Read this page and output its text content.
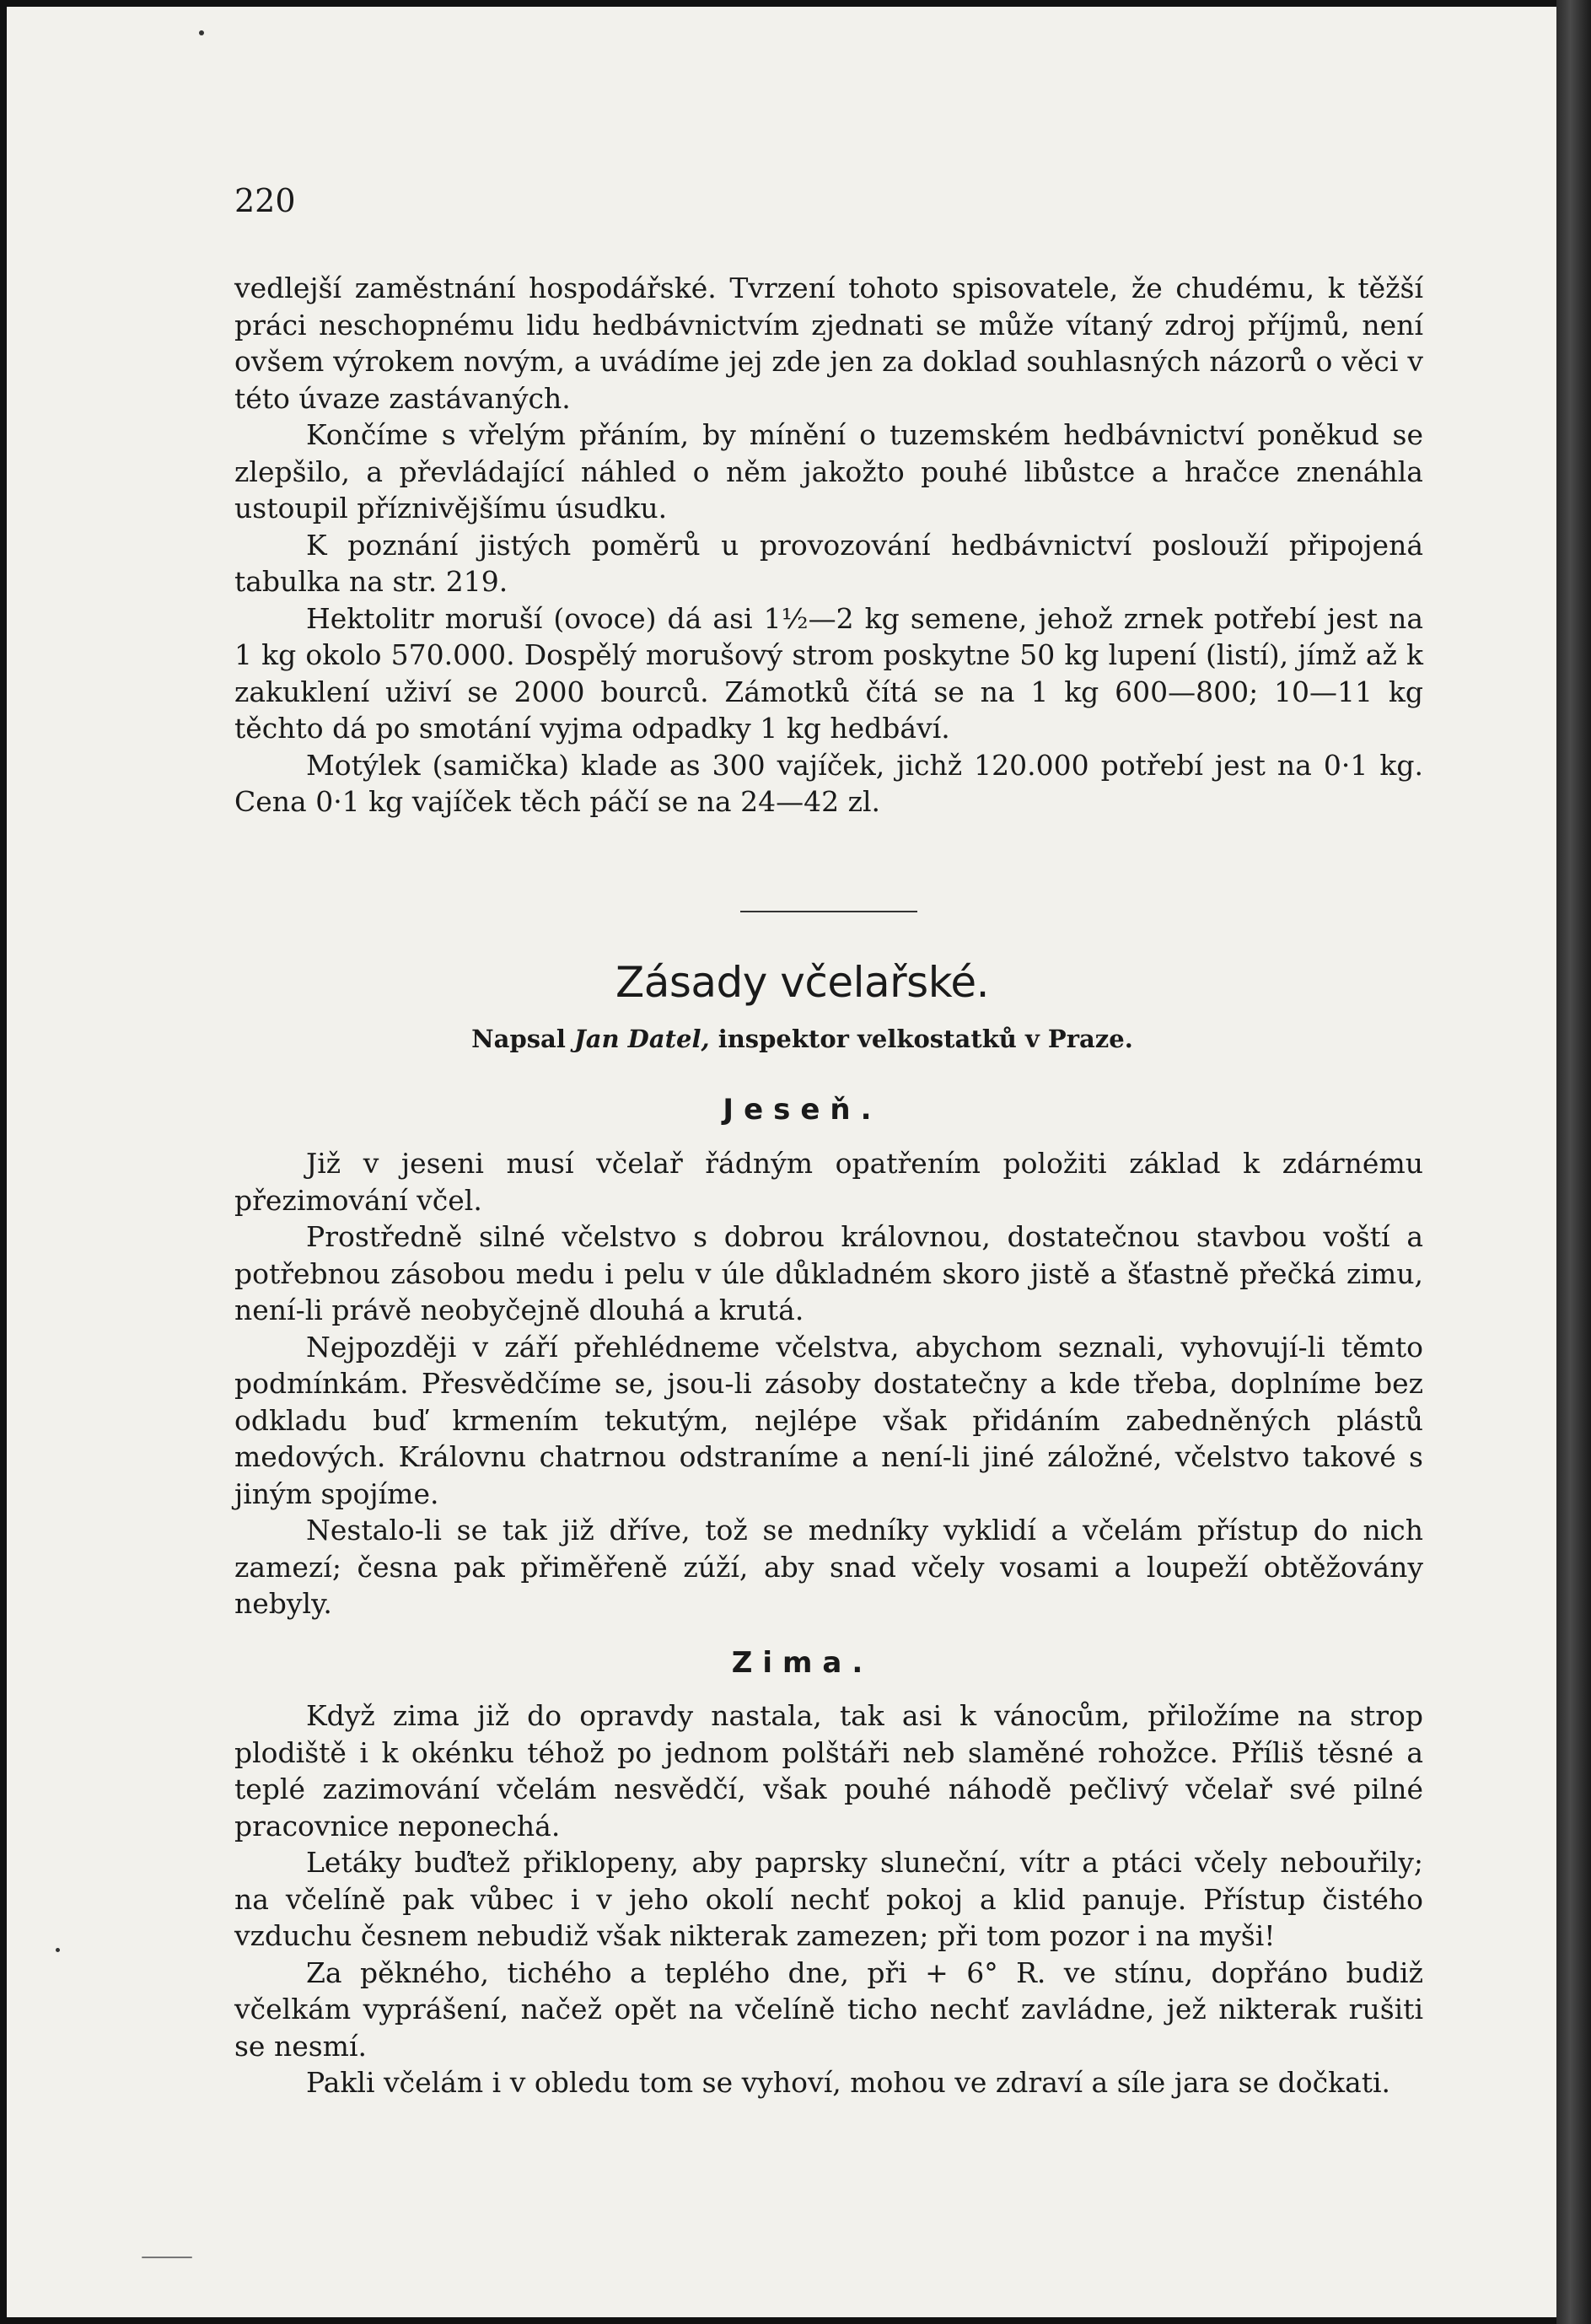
220

vedlejší zaměstnání hospodářské. Tvrzení tohoto spisovatele, že chudému, k těžší práci neschopnému lidu hedbávnictvím zjednati se může vítaný zdroj příjmů, není ovšem výrokem novým, a uvádíme jej zde jen za doklad souhlasných názorů o věci v této úvaze zastávaných.

Končíme s vřelým přáním, by mínění o tuzemském hedbávnictví poněkud se zlepšilo, a převládající náhled o něm jakožto pouhé libůstce a hračce znenáhla ustoupil příznivějšímu úsudku.

K poznání jistých poměrů u provozování hedbávnictví poslouží připojená tabulka na str. 219.

Hektolitr moruší (ovoce) dá asi 1½—2 kg semene, jehož zrnek potřebí jest na 1 kg okolo 570.000. Dospělý morušový strom poskytne 50 kg lupení (listí), jímž až k zakuklení uživí se 2000 bourců. Zámotků čítá se na 1 kg 600—800; 10—11 kg těchto dá po smotání vyjma odpadky 1 kg hedbáví.

Motýlek (samička) klade as 300 vajíček, jichž 120.000 potřebí jest na 0·1 kg. Cena 0·1 kg vajíček těch páčí se na 24—42 zl.

Zásady včelařské.
Napsal Jan Datel, inspektor velkostatků v Praze.
Jeseň.

Již v jeseni musí včelař řádným opatřením položiti základ k zdárnému přezimování včel.

Prostředně silné včelstvo s dobrou královnou, dostatečnou stavbou voští a potřebnou zásobou medu i pelu v úle důkladném skoro jistě a šťastně přečká zimu, není-li právě neobyčejně dlouhá a krutá.

Nejpozději v září přehlédneme včelstva, abychom seznali, vyhovují-li těmto podmínkám. Přesvědčíme se, jsou-li zásoby dostatečny a kde třeba, doplníme bez odkladu buď krmením tekutým, nejlépe však přidáním zabedněných plástů medových. Královnu chatrnou odstraníme a není-li jiné záložné, včelstvo takové s jiným spojíme.

Nestalo-li se tak již dříve, tož se medníky vyklidí a včelám přístup do nich zamezí; česna pak přiměřeně zúží, aby snad včely vosami a loupeží obtěžovány nebyly.

Zima.

Když zima již do opravdy nastala, tak asi k vánocům, přiložíme na strop plodiště i k okénku téhož po jednom polštáři neb slaměné rohožce. Příliš těsné a teplé zazimování včelám nesvědčí, však pouhé náhodě pečlivý včelař své pilné pracovnice neponechá.

Letáky buďtež přiklopeny, aby paprsky sluneční, vítr a ptáci včely nebouřily; na včelíně pak vůbec i v jeho okolí nechť pokoj a klid panuje. Přístup čistého vzduchu česnem nebudiž však nikterak zamezen; při tom pozor i na myši!

Za pěkného, tichého a teplého dne, při + 6° R. ve stínu, dopřáno budiž včelkám vyprášení, načež opět na včelíně ticho nechť zavládne, jež nikterak rušiti se nesmí.

Pakli včelám i v obledu tom se vyhoví, mohou ve zdraví a síle jara se dočkati.
